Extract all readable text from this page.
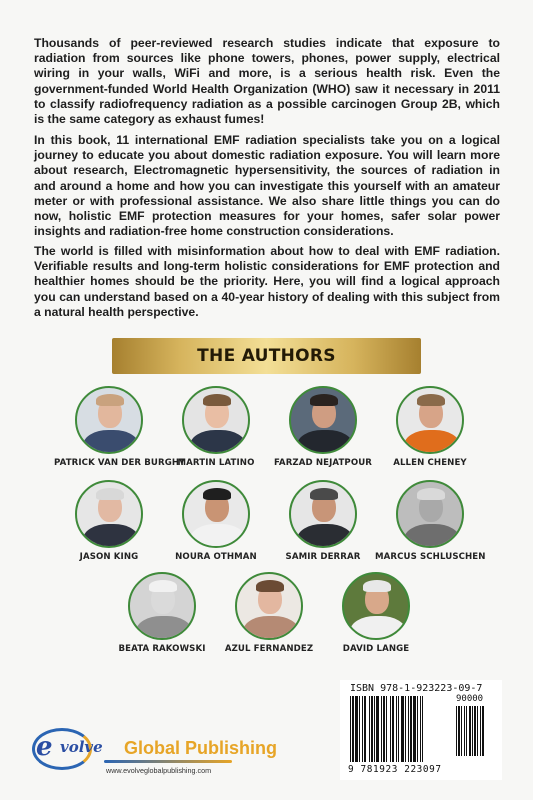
Thousands of peer-reviewed research studies indicate that exposure to radiation from sources like phone towers, phones, power supply, electrical wiring in your walls, WiFi and more, is a serious health risk. Even the government-funded World Health Organization (WHO) saw it necessary in 2011 to classify radiofrequency radiation as a possible carcinogen Group 2B, which is the same category as exhaust fumes!

In this book, 11 international EMF radiation specialists take you on a logical journey to educate you about domestic radiation exposure. You will learn more about research, Electromagnetic hypersensitivity, the sources of radiation in and around a home and how you can investigate this yourself with an amateur meter or with professional assistance. We also share little things you can do now, holistic EMF protection measures for your homes, safer solar power insights and radiation-free home construction considerations.

The world is filled with misinformation about how to deal with EMF radiation. Verifiable results and long-term holistic considerations for EMF protection and healthier homes should be the priority. Here, you will find a logical approach you can understand based on a 40-year history of dealing with this subject from a natural health perspective.

THE AUTHORS
PATRICK VAN DER BURGHT
MARTIN LATINO	FARZAD NEJATPOUR	ALLEN CHENEY
JASON KING	NOURA OTHMAN	SAMIR DERRAR	MARCUS SCHLUSCHEN
BEATA RAKOWSKI	AZUL FERNANDEZ	DAVID LANGE
ISBN 978-1-923223-09-7
90000
9 781923 223097
e volve Global Publishing
www.evolveglobalpublishing.com
